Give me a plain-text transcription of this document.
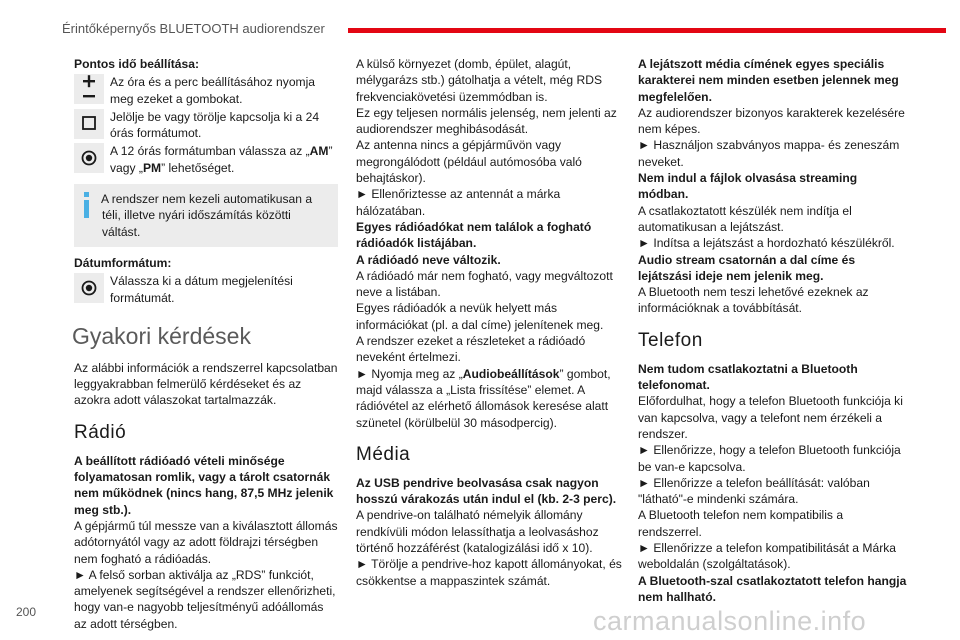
Érintőképernyős BLUETOOTH audiorendszer

Pontos idő beállítása:

Az óra és a perc beállításához nyomja meg ezeket a gombokat.
Jelölje be vagy törölje kapcsolja ki a 24 órás formátumot.
A 12 órás formátumban válassza az „AM” vagy „PM” lehetőséget.
A rendszer nem kezeli automatikusan a téli, illetve nyári időszámítás közötti váltást.

Dátumformátum:

Válassza ki a dátum megjelenítési formátumát.
Gyakori kérdések

Az alábbi információk a rendszerrel kapcsolatban leggyakrabban felmerülő kérdéseket és az azokra adott válaszokat tartalmazzák.

Rádió

A beállított rádióadó vételi minősége folyamatosan romlik, vagy a tárolt csatornák nem működnek (nincs hang, 87,5 MHz jelenik meg stb.).

A gépjármű túl messze van a kiválasztott állomás adótornyától vagy az adott földrajzi térségben nem fogható a rádióadás.

► A felső sorban aktiválja az „RDS” funkciót, amelyenek segítségével a rendszer ellenőrizheti, hogy van-e nagyobb teljesítményű adóállomás az adott térségben.

A külső környezet (domb, épület, alagút, mélygarázs stb.) gátolhatja a vételt, még RDS frekvenciakövetési üzemmódban is.

Ez egy teljesen normális jelenség, nem jelenti az audiorendszer meghibásodását.

Az antenna nincs a gépjárművön vagy megrongálódott (például autómosóba való behajtáskor).

► Ellenőriztesse az antennát a márka hálózatában.

Egyes rádióadókat nem találok a fogható rádióadók listájában.

A rádióadó neve változik.

A rádióadó már nem fogható, vagy megváltozott neve a listában.

Egyes rádióadók a nevük helyett más információkat (pl. a dal címe) jelenítenek meg.

A rendszer ezeket a részleteket a rádióadó neveként értelmezi.

► Nyomja meg az „Audiobeállítások” gombot, majd válassza a „Lista frissítése” elemet. A rádióvétel az elérhető állomások keresése alatt szünetel (körülbelül 30 másodpercig).

Média

Az USB pendrive beolvasása csak nagyon hosszú várakozás után indul el (kb. 2-3 perc).

A pendrive-on található némelyik állomány rendkívüli módon lelassíthatja a leolvasáshoz történő hozzáférést (katalogizálási idő x 10).

► Törölje a pendrive-hoz kapott állományokat, és csökkentse a mappaszintek számát.

A lejátszott média címének egyes speciális karakterei nem minden esetben jelennek meg megfelelően.

Az audiorendszer bizonyos karakterek kezelésére nem képes.

► Használjon szabványos mappa- és zeneszám neveket.

Nem indul a fájlok olvasása streaming módban.

A csatlakoztatott készülék nem indítja el automatikusan a lejátszást.

► Indítsa a lejátszást a hordozható készülékről.

Audio stream csatornán a dal címe és lejátszási ideje nem jelenik meg.

A Bluetooth nem teszi lehetővé ezeknek az információknak a továbbítását.

Telefon

Nem tudom csatlakoztatni a Bluetooth telefonomat.

Előfordulhat, hogy a telefon Bluetooth funkciója ki van kapcsolva, vagy a telefont nem érzékeli a rendszer.

► Ellenőrizze, hogy a telefon Bluetooth funkciója be van-e kapcsolva.

► Ellenőrizze a telefon beállítását: valóban "látható"-e mindenki számára.

A Bluetooth telefon nem kompatibilis a rendszerrel.

► Ellenőrizze a telefon kompatibilitását a Márka weboldalán (szolgáltatások).

A Bluetooth-szal csatlakoztatott telefon hangja nem hallható.

200	carmanualsonline.info
